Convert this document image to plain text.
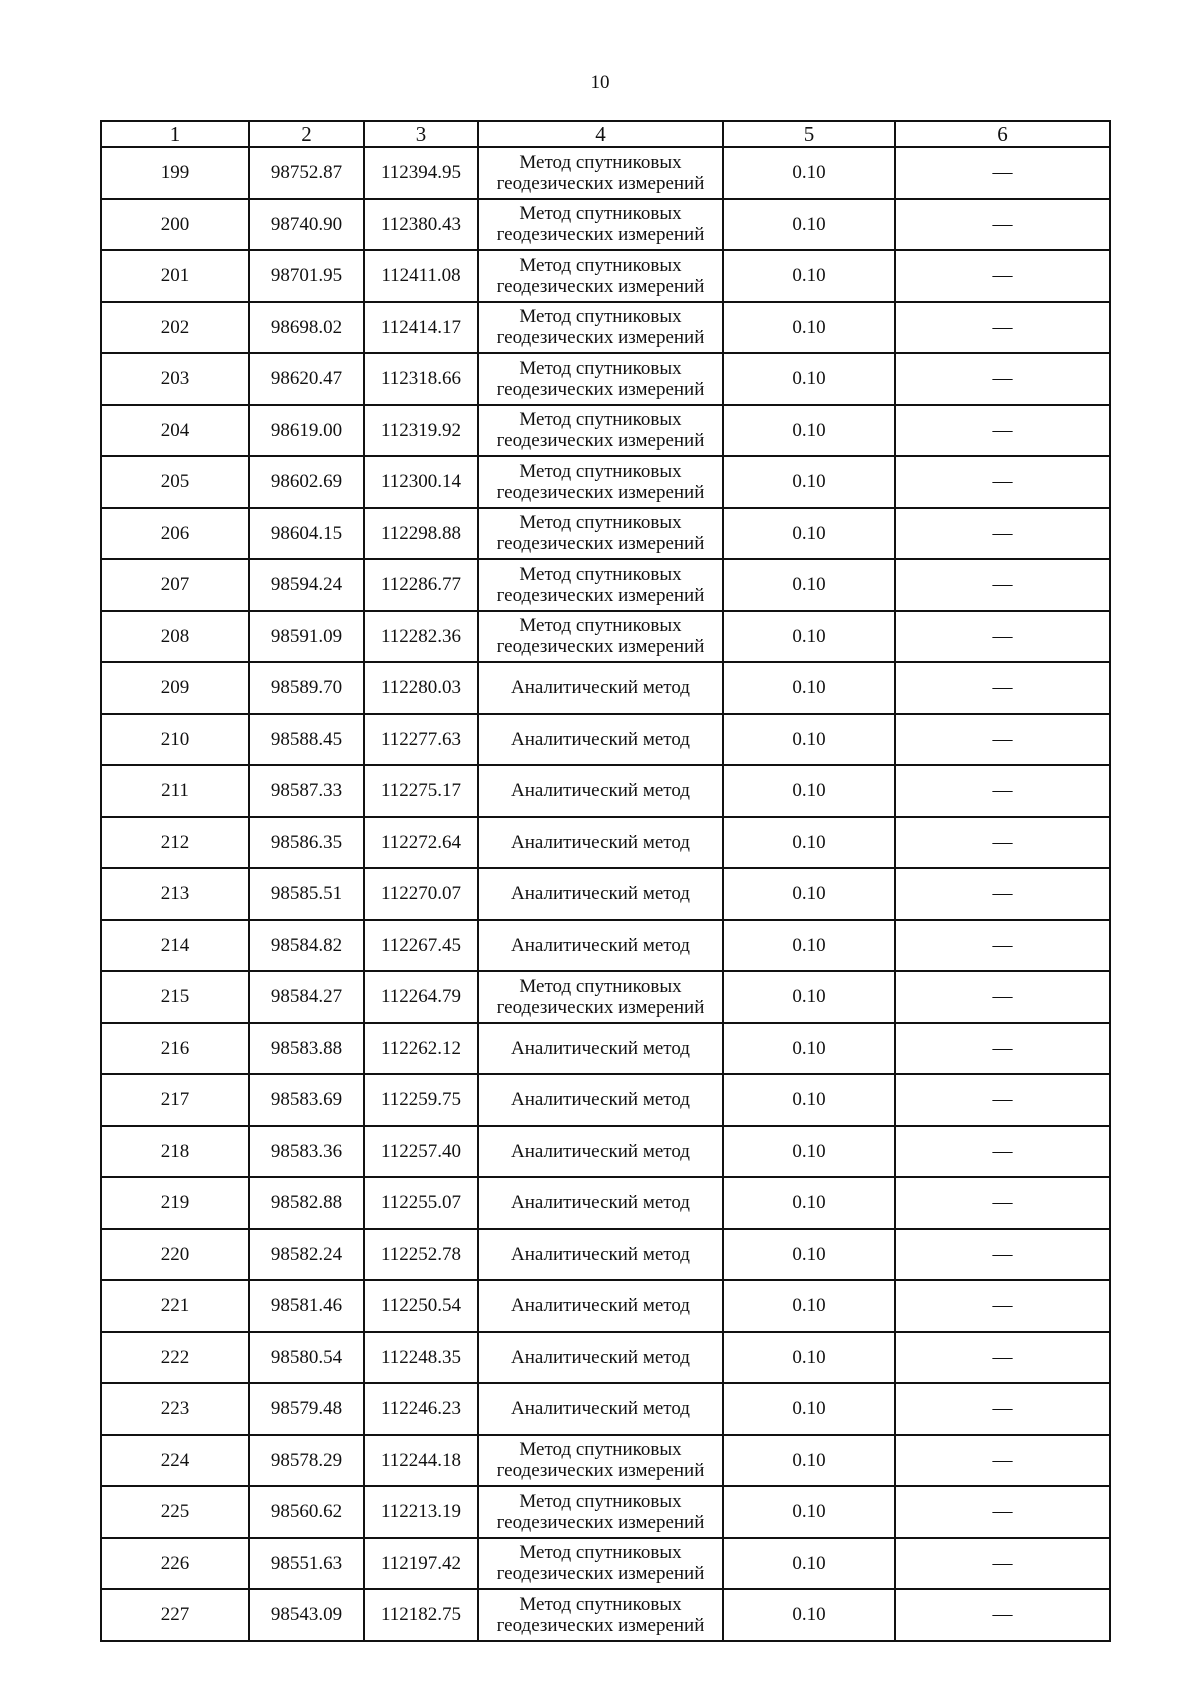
10
1	2	3	4	5	6
199	98752.87	112394.95	Метод спутниковых геодезических измерений	0.10	—
200	98740.90	112380.43	Метод спутниковых геодезических измерений	0.10	—
201	98701.95	112411.08	Метод спутниковых геодезических измерений	0.10	—
202	98698.02	112414.17	Метод спутниковых геодезических измерений	0.10	—
203	98620.47	112318.66	Метод спутниковых геодезических измерений	0.10	—
204	98619.00	112319.92	Метод спутниковых геодезических измерений	0.10	—
205	98602.69	112300.14	Метод спутниковых геодезических измерений	0.10	—
206	98604.15	112298.88	Метод спутниковых геодезических измерений	0.10	—
207	98594.24	112286.77	Метод спутниковых геодезических измерений	0.10	—
208	98591.09	112282.36	Метод спутниковых геодезических измерений	0.10	—
209	98589.70	112280.03	Аналитический метод	0.10	—
210	98588.45	112277.63	Аналитический метод	0.10	—
211	98587.33	112275.17	Аналитический метод	0.10	—
212	98586.35	112272.64	Аналитический метод	0.10	—
213	98585.51	112270.07	Аналитический метод	0.10	—
214	98584.82	112267.45	Аналитический метод	0.10	—
215	98584.27	112264.79	Метод спутниковых геодезических измерений	0.10	—
216	98583.88	112262.12	Аналитический метод	0.10	—
217	98583.69	112259.75	Аналитический метод	0.10	—
218	98583.36	112257.40	Аналитический метод	0.10	—
219	98582.88	112255.07	Аналитический метод	0.10	—
220	98582.24	112252.78	Аналитический метод	0.10	—
221	98581.46	112250.54	Аналитический метод	0.10	—
222	98580.54	112248.35	Аналитический метод	0.10	—
223	98579.48	112246.23	Аналитический метод	0.10	—
224	98578.29	112244.18	Метод спутниковых геодезических измерений	0.10	—
225	98560.62	112213.19	Метод спутниковых геодезических измерений	0.10	—
226	98551.63	112197.42	Метод спутниковых геодезических измерений	0.10	—
227	98543.09	112182.75	Метод спутниковых геодезических измерений	0.10	—
